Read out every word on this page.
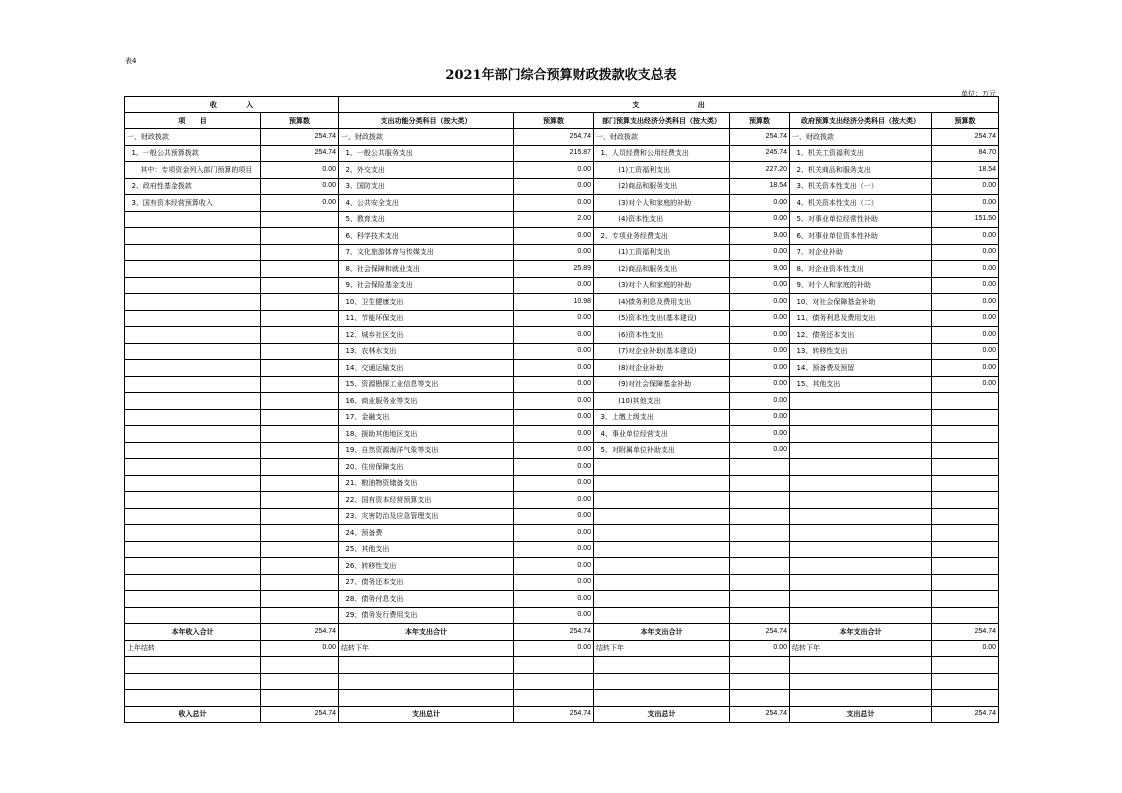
表4
2021年部门综合预算财政拨款收支总表
单位：万元
收            入		支                        出					
项      目	预算数	支出功能分类科目（按大类）	预算数	部门预算支出经济分类科目（按大类）	预算数	政府预算支出经济分类科目（按大类）	预算数
一、财政拨款	254.74	一、财政拨款	254.74	一、财政拨款	254.74	一、财政拨款	254.74
1、一般公共预算拨款	254.74	1、一般公共服务支出	215.87	1、人员经费和公用经费支出	245.74	1、机关工资福利支出	84.70
其中：专项资金列入部门预算的项目	0.00	2、外交支出	0.00	(1)工资福利支出	227.20	2、机关商品和服务支出	18.54
2、政府性基金拨款	0.00	3、国防支出	0.00	(2)商品和服务支出	18.54	3、机关资本性支出（一）	0.00
3、国有资本经营预算收入	0.00	4、公共安全支出	0.00	(3)对个人和家庭的补助	0.00	4、机关资本性支出（二）	0.00
		5、教育支出	2.00	(4)资本性支出	0.00	5、对事业单位经常性补助	151.50
		6、科学技术支出	0.00	2、专项业务经费支出	9.00	6、对事业单位资本性补助	0.00
		7、文化旅游体育与传媒支出	0.00	(1)工资福利支出	0.00	7、对企业补助	0.00
		8、社会保障和就业支出	25.89	(2)商品和服务支出	9.00	8、对企业资本性支出	0.00
		9、社会保险基金支出	0.00	(3)对个人和家庭的补助	0.00	9、对个人和家庭的补助	0.00
		10、卫生健康支出	10.98	(4)债务利息及费用支出	0.00	10、对社会保障基金补助	0.00
		11、节能环保支出	0.00	(5)资本性支出(基本建设)	0.00	11、债务利息及费用支出	0.00
		12、城乡社区支出	0.00	(6)资本性支出	0.00	12、债务还本支出	0.00
		13、农林水支出	0.00	(7)对企业补助(基本建设)	0.00	13、转移性支出	0.00
		14、交通运输支出	0.00	(8)对企业补助	0.00	14、预备费及预留	0.00
		15、资源勘探工业信息等支出	0.00	(9)对社会保障基金补助	0.00	15、其他支出	0.00
		16、商业服务业等支出	0.00	(10)其他支出	0.00		
		17、金融支出	0.00	3、上缴上级支出	0.00		
		18、援助其他地区支出	0.00	4、事业单位经营支出	0.00		
		19、自然资源海洋气象等支出	0.00	5、对附属单位补助支出	0.00		
		20、住房保障支出	0.00				
		21、粮油物资储备支出	0.00				
		22、国有资本经营预算支出	0.00				
		23、灾害防治及应急管理支出	0.00				
		24、预备费	0.00				
		25、其他支出	0.00				
		26、转移性支出	0.00				
		27、债务还本支出	0.00				
		28、债务付息支出	0.00				
		29、债务发行费用支出	0.00				
本年收入合计	254.74	本年支出合计	254.74	本年支出合计	254.74	本年支出合计	254.74
上年结转	0.00	结转下年	0.00	结转下年	0.00	结转下年	0.00

收入总计	254.74	支出总计	254.74	支出总计	254.74	支出总计	254.74
